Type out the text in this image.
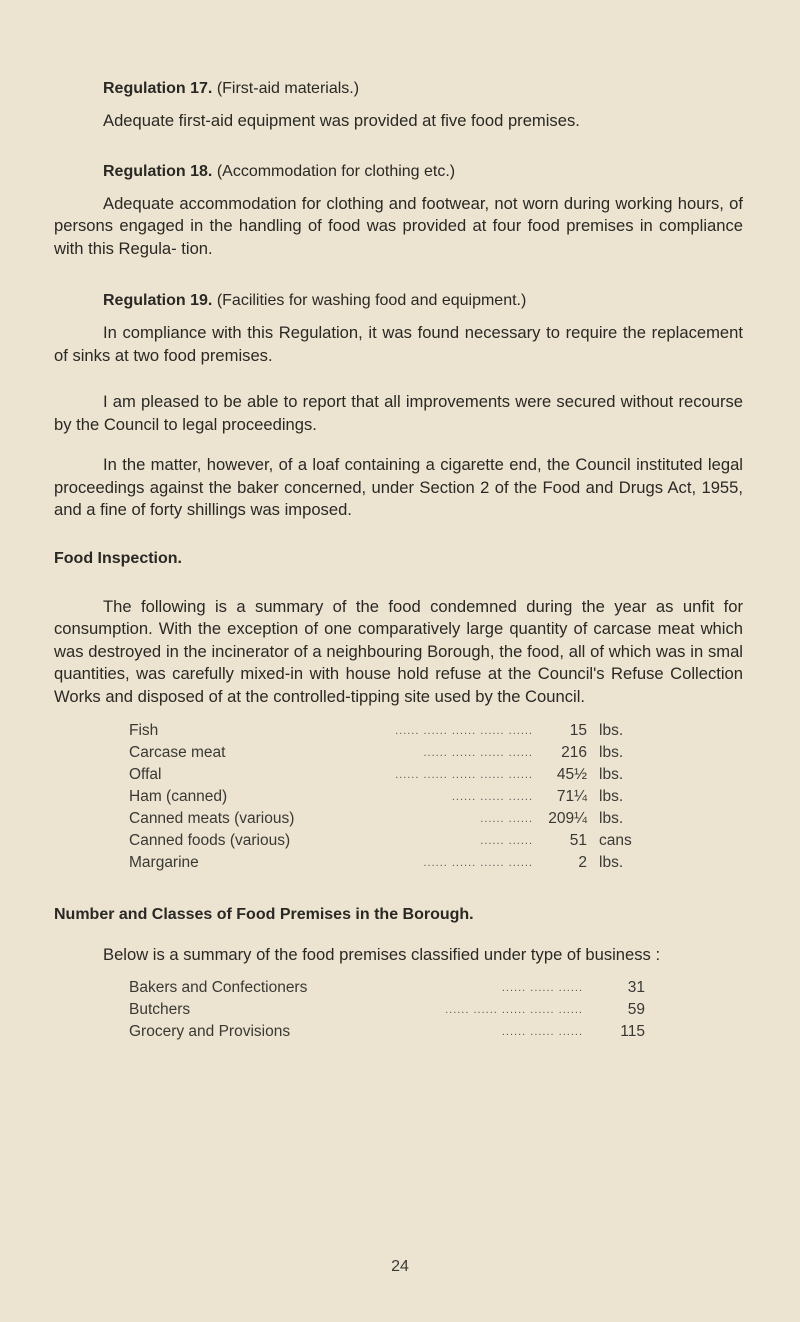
Regulation 17. (First-aid materials.)

Adequate first-aid equipment was provided at five food premises.

Regulation 18. (Accommodation for clothing etc.)

Adequate accommodation for clothing and footwear, not worn during working hours, of persons engaged in the handling of food was provided at four food premises in compliance with this Regula- tion.

Regulation 19. (Facilities for washing food and equipment.)

In compliance with this Regulation, it was found necessary to require the replacement of sinks at two food premises.

I am pleased to be able to report that all improvements were secured without recourse by the Council to legal proceedings.

In the matter, however, of a loaf containing a cigarette end, the Council instituted legal proceedings against the baker concerned, under Section 2 of the Food and Drugs Act, 1955, and a fine of forty shillings was imposed.

Food Inspection.

The following is a summary of the food condemned during the year as unfit for consumption. With the exception of one comparatively large quantity of carcase meat which was destroyed in the incinerator of a neighbouring Borough, the food, all of which was in smal quantities, was carefully mixed-in with house hold refuse at the Council's Refuse Collection Works and disposed of at the controlled-tipping site used by the Council.

Fish	...... ...... ...... ...... ......	15	lbs.
Carcase meat	...... ...... ...... ......	216	lbs.
Offal	...... ...... ...... ...... ......	45½	lbs.
Ham (canned)	...... ...... ......	71¼	lbs.
Canned meats (various)	...... ......	209¼	lbs.
Canned foods (various)	...... ......	51	cans
Margarine	...... ...... ...... ......	2	lbs.
Number and Classes of Food Premises in the Borough.

Below is a summary of the food premises classified under type of business :

Bakers and Confectioners	...... ...... ......	31
Butchers	...... ...... ...... ...... ......	59
Grocery and Provisions	...... ...... ......	115
24
